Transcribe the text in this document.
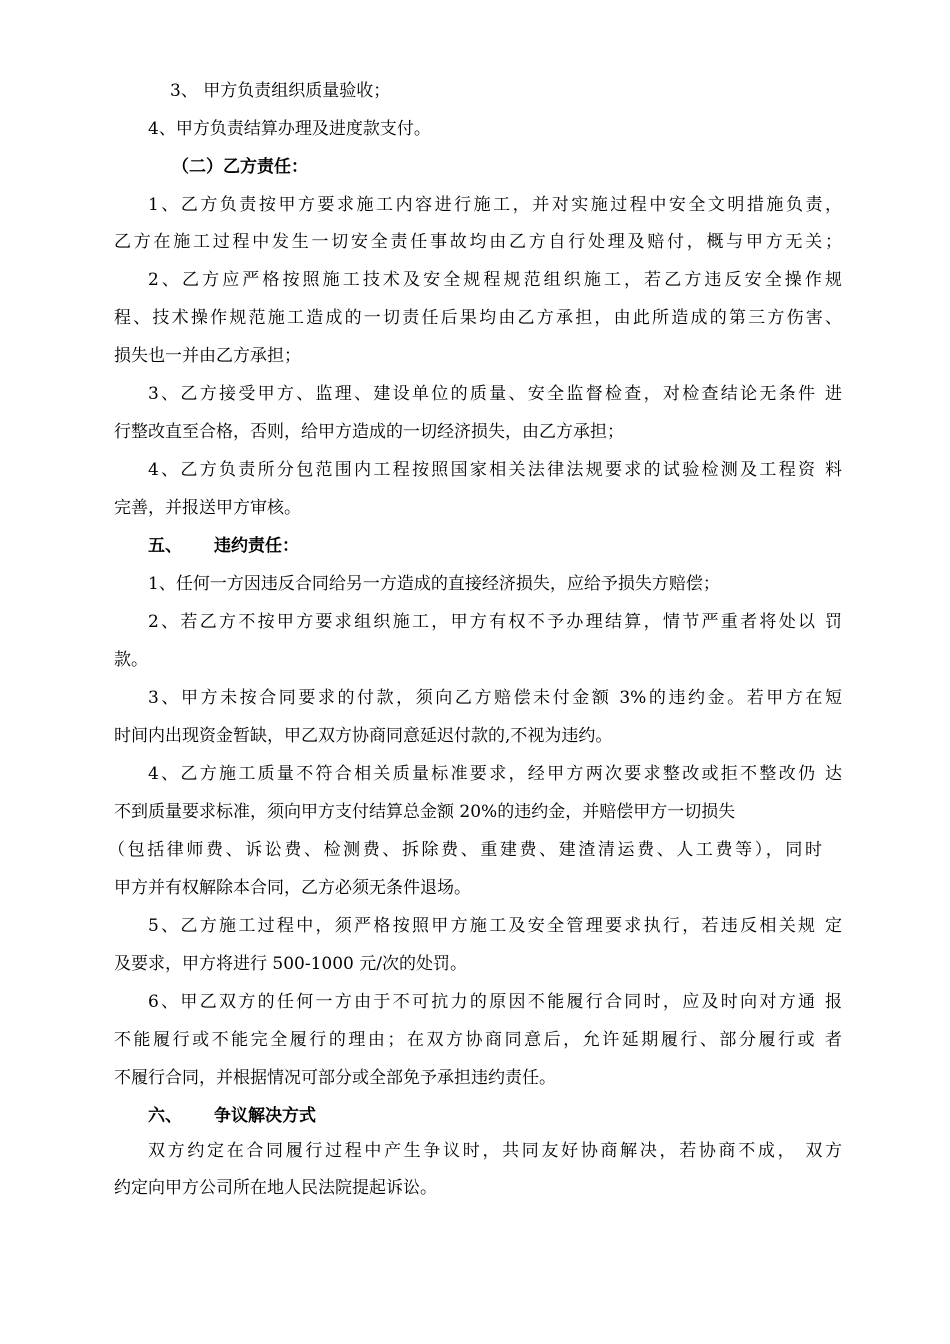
3、 甲方负责组织质量验收；
4、甲方负责结算办理及进度款支付。
（二）乙方责任：
1、乙方负责按甲方要求施工内容进行施工，并对实施过程中安全文明措施负责，
乙方在施工过程中发生一切安全责任事故均由乙方自行处理及赔付，概与甲方无关；
2、乙方应严格按照施工技术及安全规程规范组织施工，若乙方违反安全操作规
程、技术操作规范施工造成的一切责任后果均由乙方承担，由此所造成的第三方伤害、
损失也一并由乙方承担；
3、乙方接受甲方、监理、建设单位的质量、安全监督检查，对检查结论无条件 进
行整改直至合格，否则，给甲方造成的一切经济损失，由乙方承担；
4、乙方负责所分包范围内工程按照国家相关法律法规要求的试验检测及工程资 料
完善，并报送甲方审核。
五、 违约责任：
1、任何一方因违反合同给另一方造成的直接经济损失，应给予损失方赔偿；
2、若乙方不按甲方要求组织施工，甲方有权不予办理结算，情节严重者将处以 罚
款。
3、甲方未按合同要求的付款，须向乙方赔偿未付金额 3%的违约金。若甲方在短
时间内出现资金暂缺，甲乙双方协商同意延迟付款的,不视为违约。
4、乙方施工质量不符合相关质量标准要求，经甲方两次要求整改或拒不整改仍 达
不到质量要求标准，须向甲方支付结算总金额 20%的违约金，并赔偿甲方一切损失
（包括律师费、诉讼费、检测费、拆除费、重建费、建渣清运费、人工费等），同时
甲方并有权解除本合同，乙方必须无条件退场。
5、乙方施工过程中，须严格按照甲方施工及安全管理要求执行，若违反相关规 定
及要求，甲方将进行 500-1000 元/次的处罚。
6、甲乙双方的任何一方由于不可抗力的原因不能履行合同时，应及时向对方通 报
不能履行或不能完全履行的理由；在双方协商同意后，允许延期履行、部分履行或 者
不履行合同，并根据情况可部分或全部免予承担违约责任。
六、 争议解决方式
双方约定在合同履行过程中产生争议时，共同友好协商解决，若协商不成， 双方
约定向甲方公司所在地人民法院提起诉讼。
